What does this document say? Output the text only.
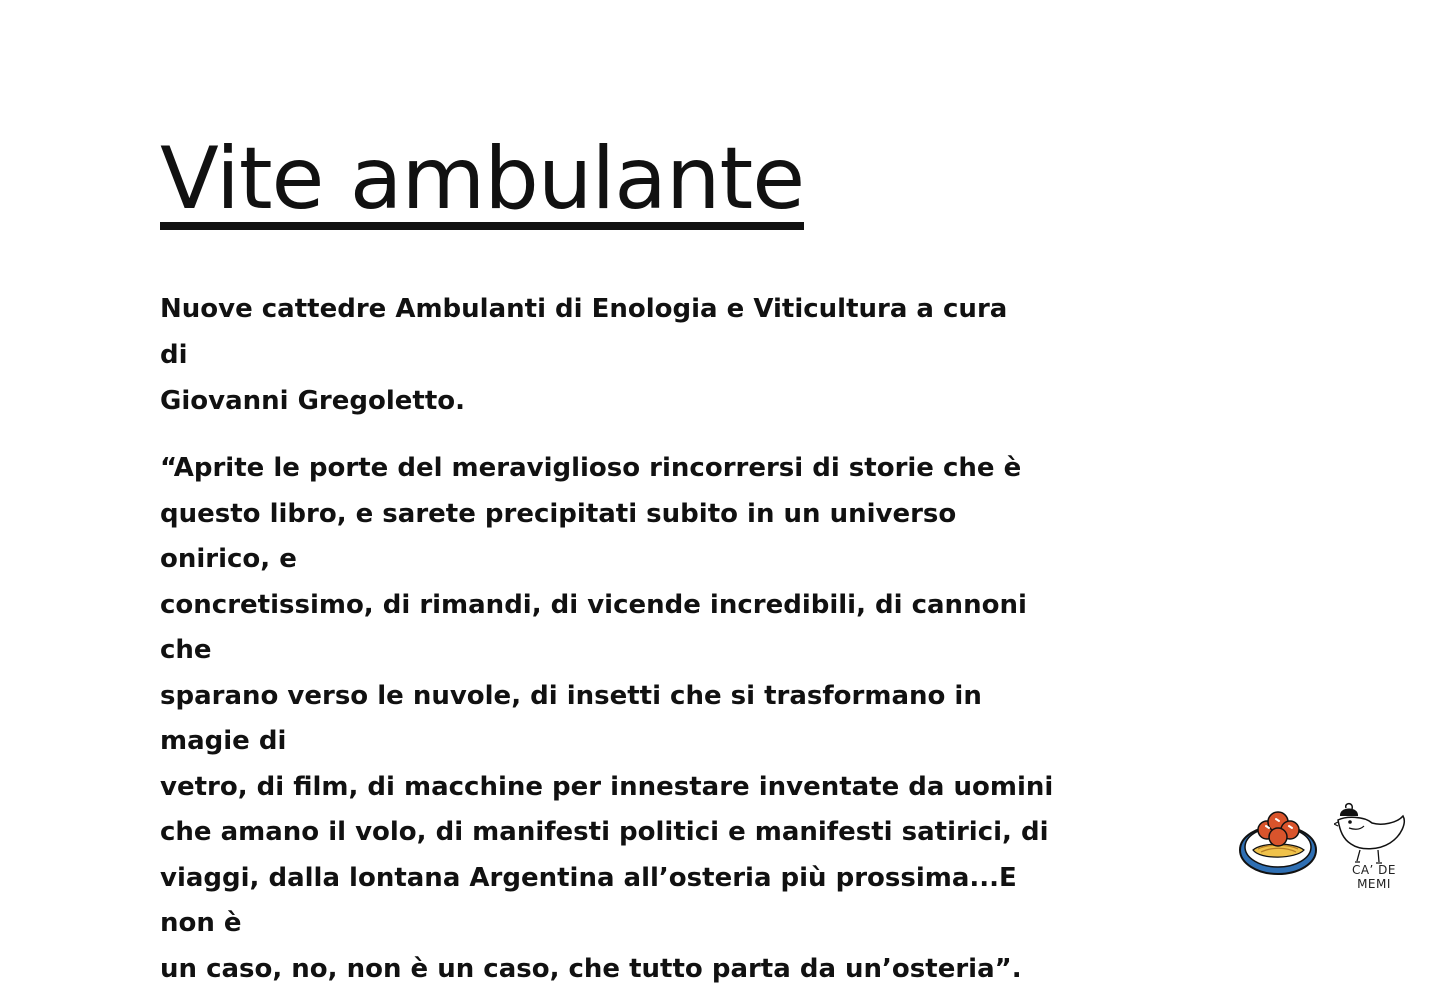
Vite ambulante

Nuove cattedre Ambulanti di Enologia e Viticultura a cura di
Giovanni Gregoletto.

“Aprite le porte del meraviglioso rincorrersi di storie che è
questo libro, e sarete precipitati subito in un universo onirico, e
concretissimo, di rimandi, di vicende incredibili, di cannoni che
sparano verso le nuvole, di insetti che si trasformano in magie di
vetro, di film, di macchine per innestare inventate da uomini
che amano il volo, di manifesti politici e manifesti satirici, di
viaggi, dalla lontana Argentina all’osteria più prossima...E non è
un caso, no, non è un caso, che tutto parta da un’osteria”.

CA’ DE MEMI
